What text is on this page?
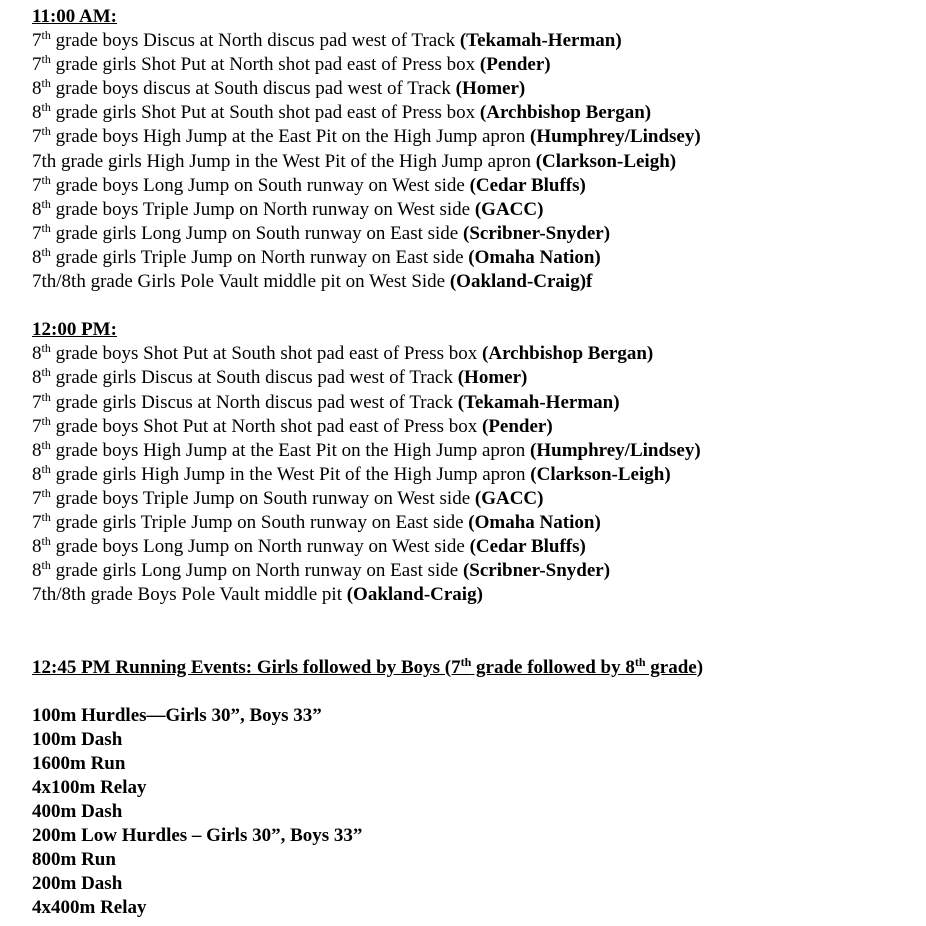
11:00 AM:
7th grade boys Discus at North discus pad west of Track (Tekamah-Herman)
7th grade girls Shot Put at North shot pad east of Press box (Pender)
8th grade boys discus at South discus pad west of Track (Homer)
8th grade girls Shot Put at South shot pad east of Press box (Archbishop Bergan)
7th grade boys High Jump at the East Pit on the High Jump apron (Humphrey/Lindsey)
7th grade girls High Jump in the West Pit of the High Jump apron (Clarkson-Leigh)
7th grade boys Long Jump on South runway on West side (Cedar Bluffs)
8th grade boys Triple Jump on North runway on West side (GACC)
7th grade girls Long Jump on South runway on East side (Scribner-Snyder)
8th grade girls Triple Jump on North runway on East side (Omaha Nation)
7th/8th grade Girls Pole Vault middle pit on West Side (Oakland-Craig)f
12:00 PM:
8th grade boys Shot Put at South shot pad east of Press box (Archbishop Bergan)
8th grade girls Discus at South discus pad west of Track (Homer)
7th grade girls Discus at North discus pad west of Track (Tekamah-Herman)
7th grade boys Shot Put at North shot pad east of Press box (Pender)
8th grade boys High Jump at the East Pit on the High Jump apron (Humphrey/Lindsey)
8th grade girls High Jump in the West Pit of the High Jump apron (Clarkson-Leigh)
7th grade boys Triple Jump on South runway on West side (GACC)
7th grade girls Triple Jump on South runway on East side (Omaha Nation)
8th grade boys Long Jump on North runway on West side (Cedar Bluffs)
8th grade girls Long Jump on North runway on East side (Scribner-Snyder)
7th/8th grade Boys Pole Vault middle pit (Oakland-Craig)
12:45 PM Running Events: Girls followed by Boys (7th grade followed by 8th grade)
100m Hurdles—Girls 30”, Boys 33”
100m Dash
1600m Run
4x100m Relay
400m Dash
200m Low Hurdles – Girls 30”, Boys 33”
800m Run
200m Dash
4x400m Relay
